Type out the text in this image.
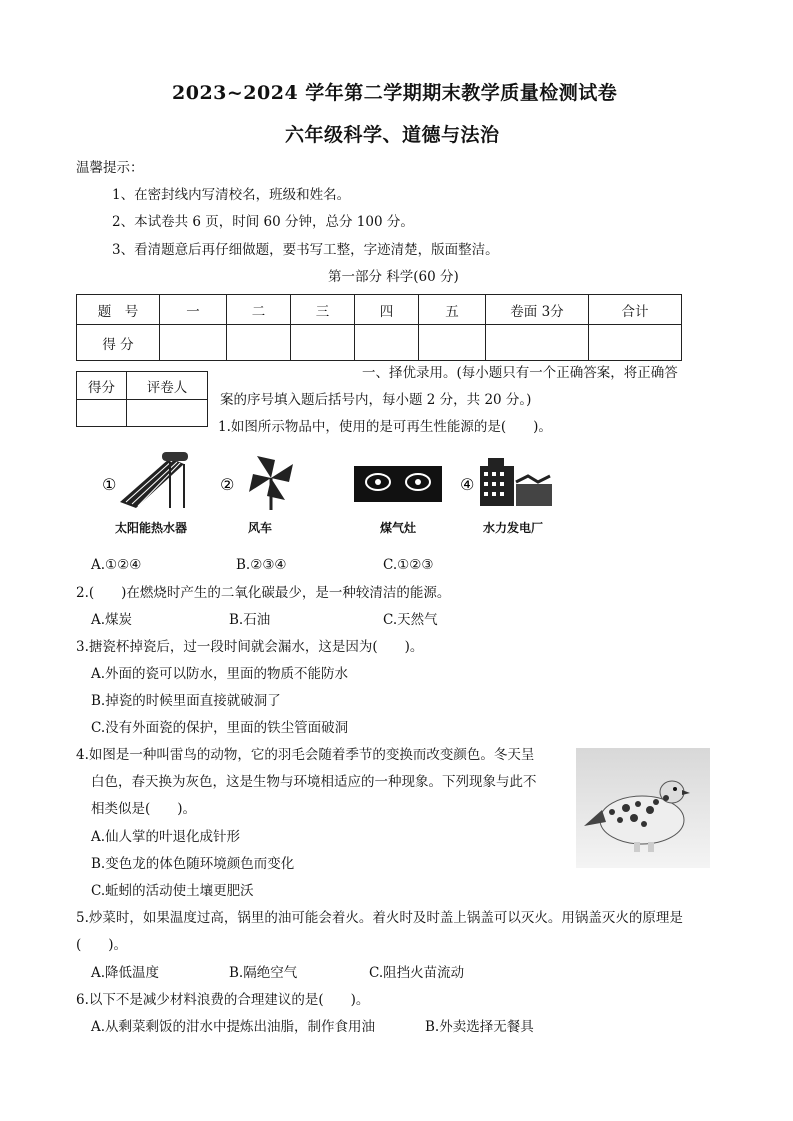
2023~2024 学年第二学期期末教学质量检测试卷
六年级科学、道德与法治
温馨提示：
1、在密封线内写清校名，班级和姓名。
2、本试卷共 6 页，时间 60 分钟，总分 100 分。
3、看清题意后再仔细做题，要书写工整，字迹清楚，版面整洁。
第一部分 科学(60 分)
题　号	一	二	三	四	五	卷面 3分	合计
得 分							
得分	评卷人

一、择优录用。(每小题只有一个正确答案，将正确答
案的序号填入题后括号内，每小题 2 分，共 20 分。)
1.如图所示物品中，使用的是可再生性能源的是(　　)。
①
太阳能热水器
②
风车	煤气灶
④
水力发电厂
A.①②④	B.②③④	C.①②③
2.(　　)在燃烧时产生的二氧化碳最少，是一种较清洁的能源。
A.煤炭	B.石油	C.天然气
3.搪瓷杯掉瓷后，过一段时间就会漏水，这是因为(　　)。
A.外面的瓷可以防水，里面的物质不能防水
B.掉瓷的时候里面直接就破洞了
C.没有外面瓷的保护，里面的铁尘管面破洞
4.如图是一种叫雷鸟的动物，它的羽毛会随着季节的变换而改变颜色。冬天呈
白色，春天换为灰色，这是生物与环境相适应的一种现象。下列现象与此不
相类似是(　　)。
A.仙人掌的叶退化成针形
B.变色龙的体色随环境颜色而变化
C.蚯蚓的活动使土壤更肥沃
5.炒菜时，如果温度过高，锅里的油可能会着火。着火时及时盖上锅盖可以灭火。用锅盖灭火的原理是
(　　)。
A.降低温度	B.隔绝空气	C.阻挡火苗流动
6.以下不是减少材料浪费的合理建议的是(　　)。
A.从剩菜剩饭的泔水中提炼出油脂，制作食用油	B.外卖选择无餐具
